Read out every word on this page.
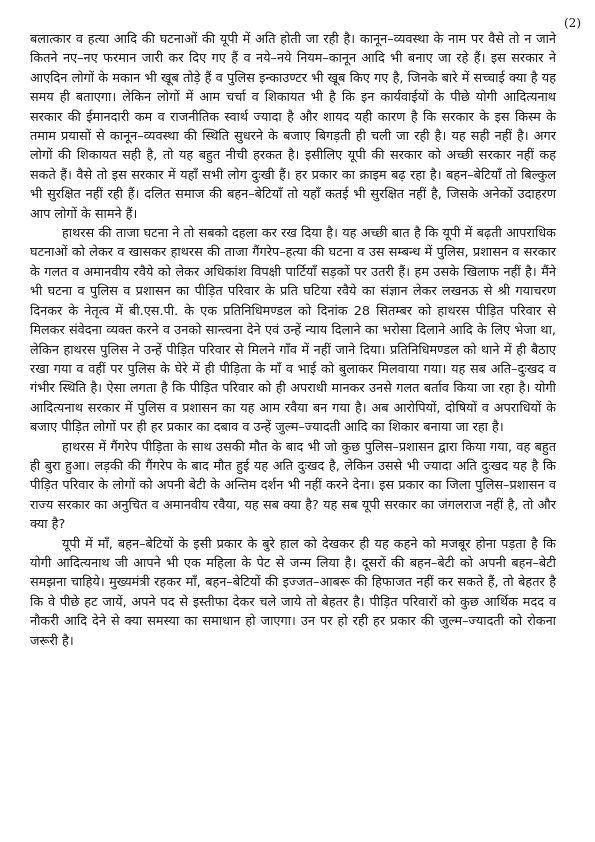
(2)

बलात्कार व हत्या आदि की घटनाओं की यूपी में अति होती जा रही है। कानून–व्यवस्था के नाम पर वैसे तो न जाने कितने नए–नए फरमान जारी कर दिए गए हैं व नये–नये नियम–कानून आदि भी बनाए जा रहे हैं। इस सरकार ने आएदिन लोगों के मकान भी खूब तोड़े हैं व पुलिस इन्काउण्टर भी खूब किए गए है, जिनके बारे में सच्चाई क्या है यह समय ही बताएगा। लेकिन लोगों में आम चर्चा व शिकायत भी है कि इन कार्यवाईयों के पीछे योगी आदित्यनाथ सरकार की ईमानदारी कम व राजनीतिक स्वार्थ ज्यादा है और शायद यही कारण है कि सरकार के इस किस्म के तमाम प्रयासों से कानून–व्यवस्था की स्थिति सुधरने के बजाए बिगड़ती ही चली जा रही है। यह सही नहीं है। अगर लोगों की शिकायत सही है, तो यह बहुत नीची हरकत है। इसीलिए यूपी की सरकार को अच्छी सरकार नहीं कह सकते हैं। वैसे तो इस सरकार में यहाँ सभी लोग दुःखी हैं। हर प्रकार का क्राइम बढ़ रहा है। बहन–बेटियाँ तो बिल्कुल भी सुरक्षित नहीं रही हैं। दलित समाज की बहन–बेटियाँ तो यहाँ कतई भी सुरक्षित नहीं है, जिसके अनेकों उदाहरण आप लोगों के सामने हैं।

हाथरस की ताजा घटना ने तो सबको दहला कर रख दिया है। यह अच्छी बात है कि यूपी में बढ़ती आपराधिक घटनाओं को लेकर व खासकर हाथरस की ताजा गैंगरेप–हत्या की घटना व उस सम्बन्ध में पुलिस, प्रशासन व सरकार के गलत व अमानवीय रवैये को लेकर अधिकांश विपक्षी पार्टियाँ सड़कों पर उतरी हैं। हम उसके खिलाफ नहीं है। मैंने भी घटना व पुलिस व प्रशासन का पीड़ित परिवार के प्रति घटिया रवैये का संज्ञान लेकर लखनऊ से श्री गयाचरण दिनकर के नेतृत्व में बी.एस.पी. के एक प्रतिनिधिमण्डल को दिनांक 28 सितम्बर को हाथरस पीड़ित परिवार से मिलकर संवेदना व्यक्त करने व उनको सान्त्वना देने एवं उन्हें न्याय दिलाने का भरोसा दिलाने आदि के लिए भेजा था, लेकिन हाथरस पुलिस ने उन्हें पीड़ित परिवार से मिलने गाँव में नहीं जाने दिया। प्रतिनिधिमण्डल को थाने में ही बैठाए रखा गया व वहीं पर पुलिस के घेरे में ही पीड़िता के माँ व भाई को बुलाकर मिलवाया गया। यह सब अति–दुःखद व गंभीर स्थिति है। ऐसा लगता है कि पीड़ित परिवार को ही अपराधी मानकर उनसे गलत बर्ताव किया जा रहा है। योगी आदित्यनाथ सरकार में पुलिस व प्रशासन का यह आम रवैया बन गया है। अब आरोपियों, दोषियों व अपराधियों के बजाए पीड़ित लोगों पर ही हर प्रकार का दबाव व उन्हें जुल्म–ज्यादती आदि का शिकार बनाया जा रहा है।

हाथरस में गैंगरेप पीड़िता के साथ उसकी मौत के बाद भी जो कुछ पुलिस–प्रशासन द्वारा किया गया, वह बहुत ही बुरा हुआ। लड़की की गैंगरेप के बाद मौत हुई यह अति दुःखद है, लेकिन उससे भी ज्यादा अति दुःखद यह है कि पीड़ित परिवार के लोगों को अपनी बेटी के अन्तिम दर्शन भी नहीं करने देना। इस प्रकार का जिला पुलिस–प्रशासन व राज्य सरकार का अनुचित व अमानवीय रवैया, यह सब क्या है? यह सब यूपी सरकार का जंगलराज नहीं है, तो और क्या है?

यूपी में माँ, बहन–बेटियों के इसी प्रकार के बुरे हाल को देखकर ही यह कहने को मजबूर होना पड़ता है कि योगी आदित्यनाथ जी आपने भी एक महिला के पेट से जन्म लिया है। दूसरों की बहन–बेटी को अपनी बहन–बेटी समझना चाहिये। मुख्यमंत्री रहकर माँ, बहन–बेटियों की इज्जत–आबरू की हिफाजत नहीं कर सकते हैं, तो बेहतर है कि वे पीछे हट जायें, अपने पद से इस्तीफा देकर चले जाये तो बेहतर है। पीड़ित परिवारों को कुछ आर्थिक मदद व नौकरी आदि देने से क्या समस्या का समाधान हो जाएगा। उन पर हो रही हर प्रकार की जुल्म–ज्यादती को रोकना जरूरी है।
